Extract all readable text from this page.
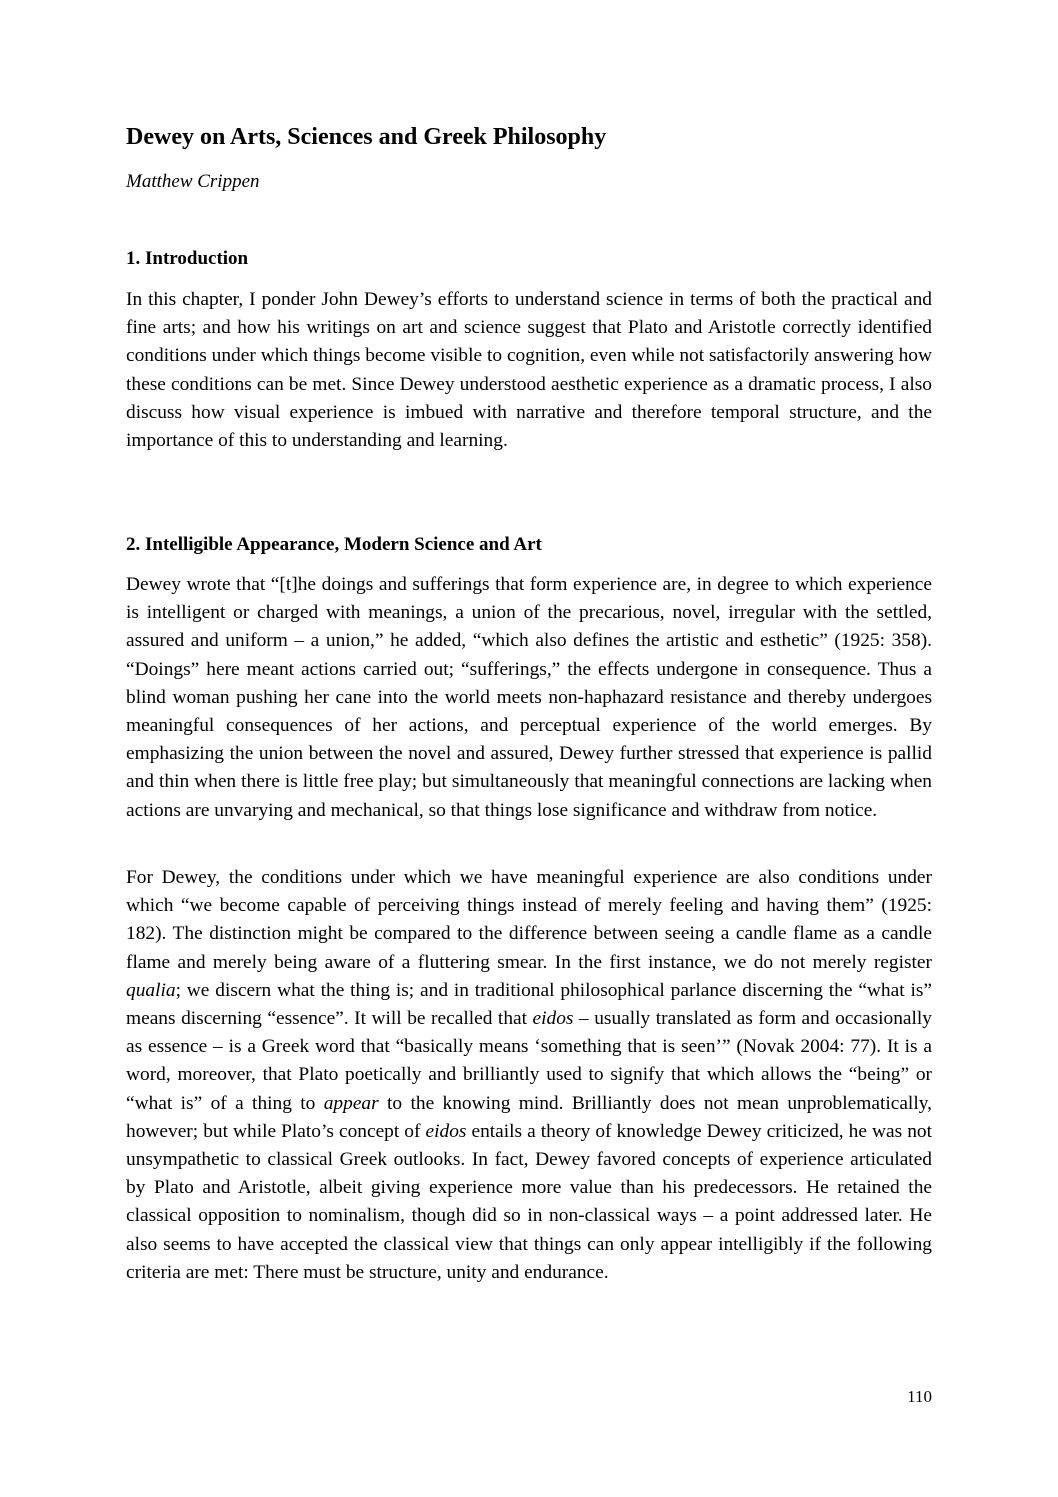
Dewey on Arts, Sciences and Greek Philosophy

Matthew Crippen

1. Introduction

In this chapter, I ponder John Dewey’s efforts to understand science in terms of both the practical and fine arts; and how his writings on art and science suggest that Plato and Aristotle correctly identified conditions under which things become visible to cognition, even while not satisfactorily answering how these conditions can be met. Since Dewey understood aesthetic experience as a dramatic process, I also discuss how visual experience is imbued with narrative and therefore temporal structure, and the importance of this to understanding and learning.

2. Intelligible Appearance, Modern Science and Art

Dewey wrote that “[t]he doings and sufferings that form experience are, in degree to which experience is intelligent or charged with meanings, a union of the precarious, novel, irregular with the settled, assured and uniform – a union,” he added, “which also defines the artistic and esthetic” (1925: 358). “Doings” here meant actions carried out; “sufferings,” the effects undergone in consequence. Thus a blind woman pushing her cane into the world meets non-haphazard resistance and thereby undergoes meaningful consequences of her actions, and perceptual experience of the world emerges. By emphasizing the union between the novel and assured, Dewey further stressed that experience is pallid and thin when there is little free play; but simultaneously that meaningful connections are lacking when actions are unvarying and mechanical, so that things lose significance and withdraw from notice.

For Dewey, the conditions under which we have meaningful experience are also conditions under which “we become capable of perceiving things instead of merely feeling and having them” (1925: 182). The distinction might be compared to the difference between seeing a candle flame as a candle flame and merely being aware of a fluttering smear. In the first instance, we do not merely register qualia; we discern what the thing is; and in traditional philosophical parlance discerning the “what is” means discerning “essence”. It will be recalled that eidos – usually translated as form and occasionally as essence – is a Greek word that “basically means ‘something that is seen’” (Novak 2004: 77). It is a word, moreover, that Plato poetically and brilliantly used to signify that which allows the “being” or “what is” of a thing to appear to the knowing mind. Brilliantly does not mean unproblematically, however; but while Plato’s concept of eidos entails a theory of knowledge Dewey criticized, he was not unsympathetic to classical Greek outlooks. In fact, Dewey favored concepts of experience articulated by Plato and Aristotle, albeit giving experience more value than his predecessors. He retained the classical opposition to nominalism, though did so in non-classical ways – a point addressed later. He also seems to have accepted the classical view that things can only appear intelligibly if the following criteria are met: There must be structure, unity and endurance.

110
